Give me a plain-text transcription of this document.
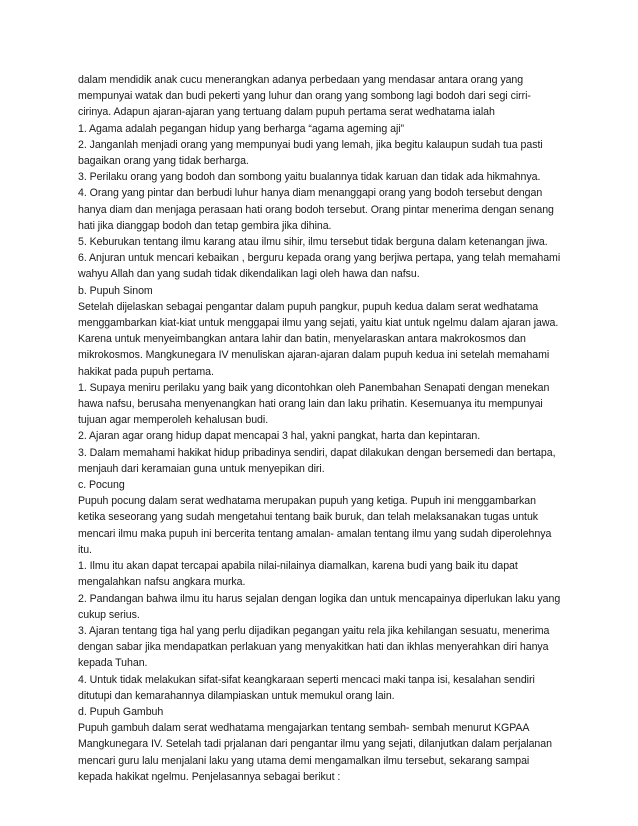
dalam mendidik anak cucu menerangkan adanya perbedaan yang mendasar antara orang yang mempunyai watak dan budi pekerti yang luhur dan orang yang sombong lagi bodoh dari segi cirri-cirinya. Adapun ajaran-ajaran yang tertuang dalam pupuh pertama serat wedhatama ialah

1. Agama adalah pegangan hidup yang berharga “agama ageming aji”

2. Janganlah menjadi orang yang mempunyai budi yang lemah, jika begitu kalaupun sudah tua pasti bagaikan orang yang tidak berharga.

3. Perilaku orang yang bodoh dan sombong yaitu bualannya tidak karuan dan tidak ada hikmahnya.

4. Orang yang pintar dan berbudi luhur hanya diam menanggapi orang yang bodoh tersebut dengan hanya diam dan menjaga perasaan hati orang bodoh tersebut. Orang pintar menerima dengan senang hati jika dianggap bodoh dan tetap gembira jika dihina.

5. Keburukan tentang ilmu karang atau ilmu sihir, ilmu tersebut tidak berguna dalam ketenangan jiwa.

6. Anjuran untuk mencari kebaikan , berguru kepada orang yang berjiwa pertapa, yang telah memahami wahyu Allah dan yang sudah tidak dikendalikan lagi oleh hawa dan nafsu.

b. Pupuh Sinom

Setelah dijelaskan sebagai pengantar dalam pupuh pangkur, pupuh kedua dalam serat wedhatama menggambarkan kiat-kiat untuk menggapai ilmu yang sejati, yaitu kiat untuk ngelmu dalam ajaran jawa. Karena untuk menyeimbangkan antara lahir dan batin, menyelaraskan antara makrokosmos dan mikrokosmos. Mangkunegara IV menuliskan ajaran-ajaran dalam pupuh kedua ini setelah memahami hakikat pada pupuh pertama.

1. Supaya meniru perilaku yang baik yang dicontohkan oleh Panembahan Senapati dengan menekan hawa nafsu, berusaha menyenangkan hati orang lain dan laku prihatin. Kesemuanya itu mempunyai tujuan agar memperoleh kehalusan budi.

2. Ajaran agar orang hidup dapat mencapai 3 hal, yakni pangkat, harta dan kepintaran.

3. Dalam memahami hakikat hidup pribadinya sendiri, dapat dilakukan dengan bersemedi dan bertapa, menjauh dari keramaian guna untuk menyepikan diri.

c. Pocung

Pupuh pocung dalam serat wedhatama merupakan pupuh yang ketiga. Pupuh ini menggambarkan ketika seseorang yang sudah mengetahui tentang baik buruk, dan telah melaksanakan tugas untuk mencari ilmu maka pupuh ini bercerita tentang amalan- amalan tentang ilmu yang sudah diperolehnya itu.

1. Ilmu itu akan dapat tercapai apabila nilai-nilainya diamalkan, karena budi yang baik itu dapat mengalahkan nafsu angkara murka.

2. Pandangan bahwa ilmu itu harus sejalan dengan logika dan untuk mencapainya diperlukan laku yang cukup serius.

3. Ajaran tentang tiga hal yang perlu dijadikan pegangan yaitu rela jika kehilangan sesuatu, menerima dengan sabar jika mendapatkan perlakuan yang menyakitkan hati dan ikhlas menyerahkan diri hanya kepada Tuhan.

4. Untuk tidak melakukan sifat-sifat keangkaraan seperti mencaci maki tanpa isi, kesalahan sendiri ditutupi dan kemarahannya dilampiaskan untuk memukul orang lain.

d. Pupuh Gambuh

Pupuh gambuh dalam serat wedhatama mengajarkan tentang sembah- sembah menurut KGPAA Mangkunegara IV. Setelah tadi prjalanan dari pengantar ilmu yang sejati, dilanjutkan dalam perjalanan mencari guru lalu menjalani laku yang utama demi mengamalkan ilmu tersebut, sekarang sampai kepada hakikat ngelmu. Penjelasannya sebagai berikut :
